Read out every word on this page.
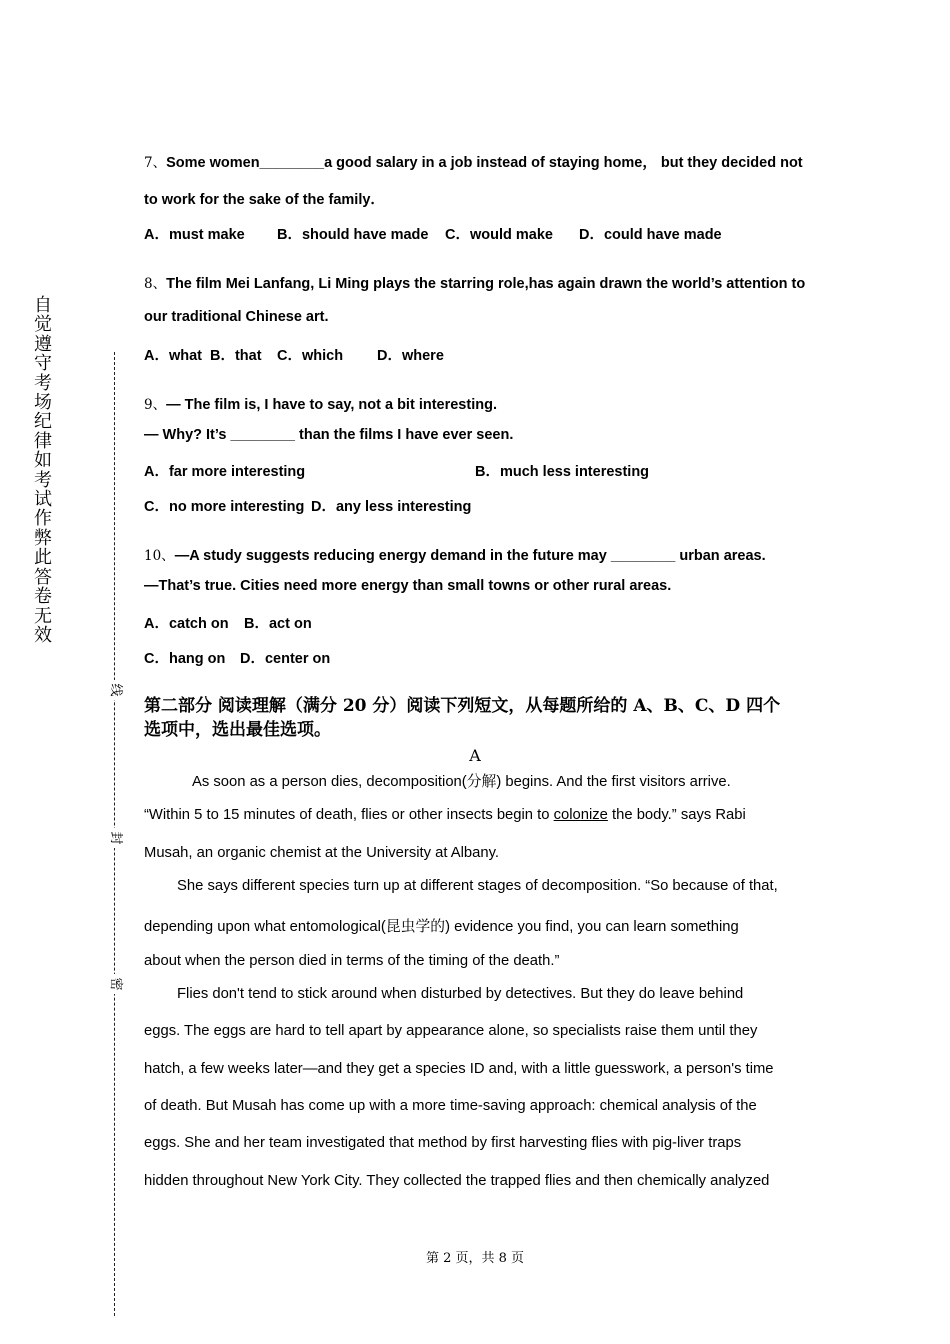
自觉遵守考场纪律如考试作弊此答卷无效
线
封
密
7、Some women________a good salary in a job instead of staying home， but they decided not
to work for the sake of the family．
A．must make B．should have made C．would make D．could have made
8、The film Mei Lanfang, Li Ming plays the starring role,has again drawn the world’s attention to
our traditional Chinese art.
A．what B．that C．which D．where
9、— The film is, I have to say, not a bit interesting.
— Why? It’s ________ than the films I have ever seen.
A．far more interesting	B．much less interesting
C．no more interesting D．any less interesting
10、—A study suggests reducing energy demand in the future may ________ urban areas.
—That’s true. Cities need more energy than small towns or other rural areas.
A．catch on B．act on
C．hang on D．center on
第二部分 阅读理解（满分 20 分）阅读下列短文，从每题所给的 A、B、C、D 四个
选项中，选出最佳选项。
A
As soon as a person dies, decomposition(分解) begins. And the first visitors arrive.
“Within 5 to 15 minutes of death, flies or other insects begin to colonize the body.” says Rabi
Musah, an organic chemist at the University at Albany.
She says different species turn up at different stages of decomposition. “So because of that,
depending upon what entomological(昆虫学的) evidence you find, you can learn something
about when the person died in terms of the timing of the death.”
Flies don't tend to stick around when disturbed by detectives. But they do leave behind
eggs. The eggs are hard to tell apart by appearance alone, so specialists raise them until they
hatch, a few weeks later—and they get a species ID and, with a little guesswork, a person's time
of death. But Musah has come up with a more time-saving approach: chemical analysis of the
eggs. She and her team investigated that method by first harvesting flies with pig-liver traps
hidden throughout New York City. They collected the trapped flies and then chemically analyzed
第 2 页，共 8 页
